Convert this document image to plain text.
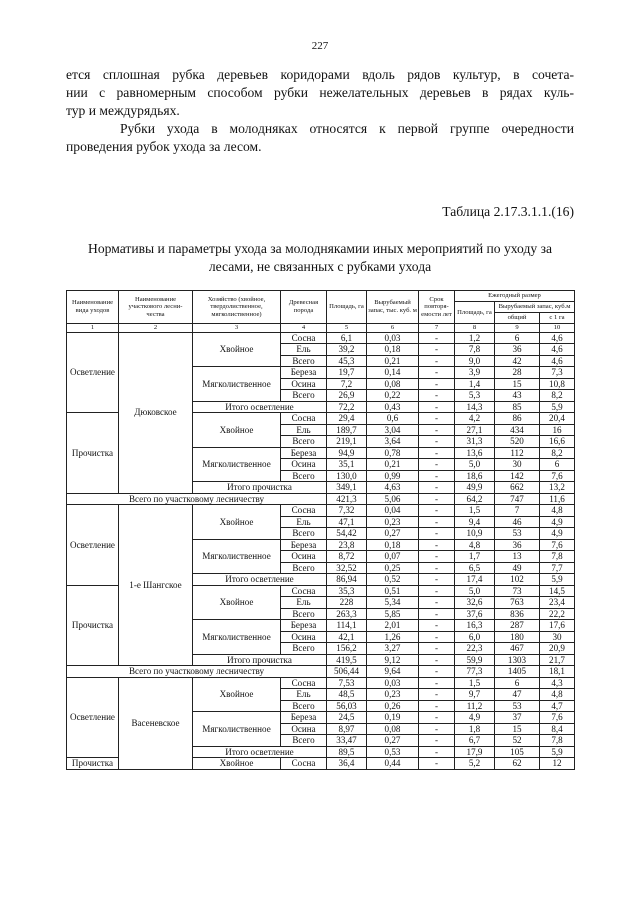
227
ется сплошная рубка деревьев коридорами вдоль рядов культур, в сочета-
нии с равномерным способом рубки нежелательных деревьев в рядах куль-
тур и междурядьях.
Рубки ухода в молодняках относятся к первой группе очередности
проведения рубок ухода за лесом.
Таблица 2.17.3.1.1.(16)
Нормативы и параметры ухода за молоднякамии иных мероприятий по уходу за лесами, не связанных с рубками ухода
Наименование вида уходов	Наименование участкового лесни-чества	Хозяйство (хвойное, твердолиственное, мягколиственное)	Древесная порода	Площадь, га	Вырубаемый запас, тыс. куб. м	Срок повторя-емости лет	Ежегодный размер		
							Площадь, га	Вырубаемый запас, куб.м	
								общий	с 1 га
1	2	3	4	5	6	7	8	9	10
Осветление	Дюковское	Хвойное	Сосна	6,1	0,03	-	1,2	6	4,6
			Ель	39,2	0,18	-	7,8	36	4,6
			Всего	45,3	0,21	-	9,0	42	4,6
		Мягколиственное	Береза	19,7	0,14	-	3,9	28	7,3
			Осина	7,2	0,08	-	1,4	15	10,8
			Всего	26,9	0,22	-	5,3	43	8,2
		Итого осветление		72,2	0,43	-	14,3	85	5,9
Прочистка		Хвойное	Сосна	29,4	0,6	-	4,2	86	20,4
			Ель	189,7	3,04	-	27,1	434	16
			Всего	219,1	3,64	-	31,3	520	16,6
		Мягколиственное	Береза	94,9	0,78	-	13,6	112	8,2
			Осина	35,1	0,21	-	5,0	30	6
			Всего	130,0	0,99	-	18,6	142	7,6
		Итого прочистка		349,1	4,63	-	49,9	662	13,2
Всего по участковому лесничеству				421,3	5,06	-	64,2	747	11,6
Осветление	1-е Шангское	Хвойное	Сосна	7,32	0,04	-	1,5	7	4,8
			Ель	47,1	0,23	-	9,4	46	4,9
			Всего	54,42	0,27	-	10,9	53	4,9
		Мягколиственное	Береза	23,8	0,18	-	4,8	36	7,6
			Осина	8,72	0,07	-	1,7	13	7,8
			Всего	32,52	0,25	-	6,5	49	7,7
		Итого осветление		86,94	0,52	-	17,4	102	5,9
Прочистка		Хвойное	Сосна	35,3	0,51	-	5,0	73	14,5
			Ель	228	5,34	-	32,6	763	23,4
			Всего	263,3	5,85	-	37,6	836	22,2
		Мягколиственное	Береза	114,1	2,01	-	16,3	287	17,6
			Осина	42,1	1,26	-	6,0	180	30
			Всего	156,2	3,27	-	22,3	467	20,9
		Итого прочистка		419,5	9,12	-	59,9	1303	21,7
Всего по участковому лесничеству				506,44	9,64	-	77,3	1405	18,1
Осветление	Васеневское	Хвойное	Сосна	7,53	0,03	-	1,5	6	4,3
			Ель	48,5	0,23	-	9,7	47	4,8
			Всего	56,03	0,26	-	11,2	53	4,7
		Мягколиственное	Береза	24,5	0,19	-	4,9	37	7,6
			Осина	8,97	0,08	-	1,8	15	8,4
			Всего	33,47	0,27	-	6,7	52	7,8
		Итого осветление		89,5	0,53	-	17,9	105	5,9
Прочистка		Хвойное	Сосна	36,4	0,44	-	5,2	62	12
